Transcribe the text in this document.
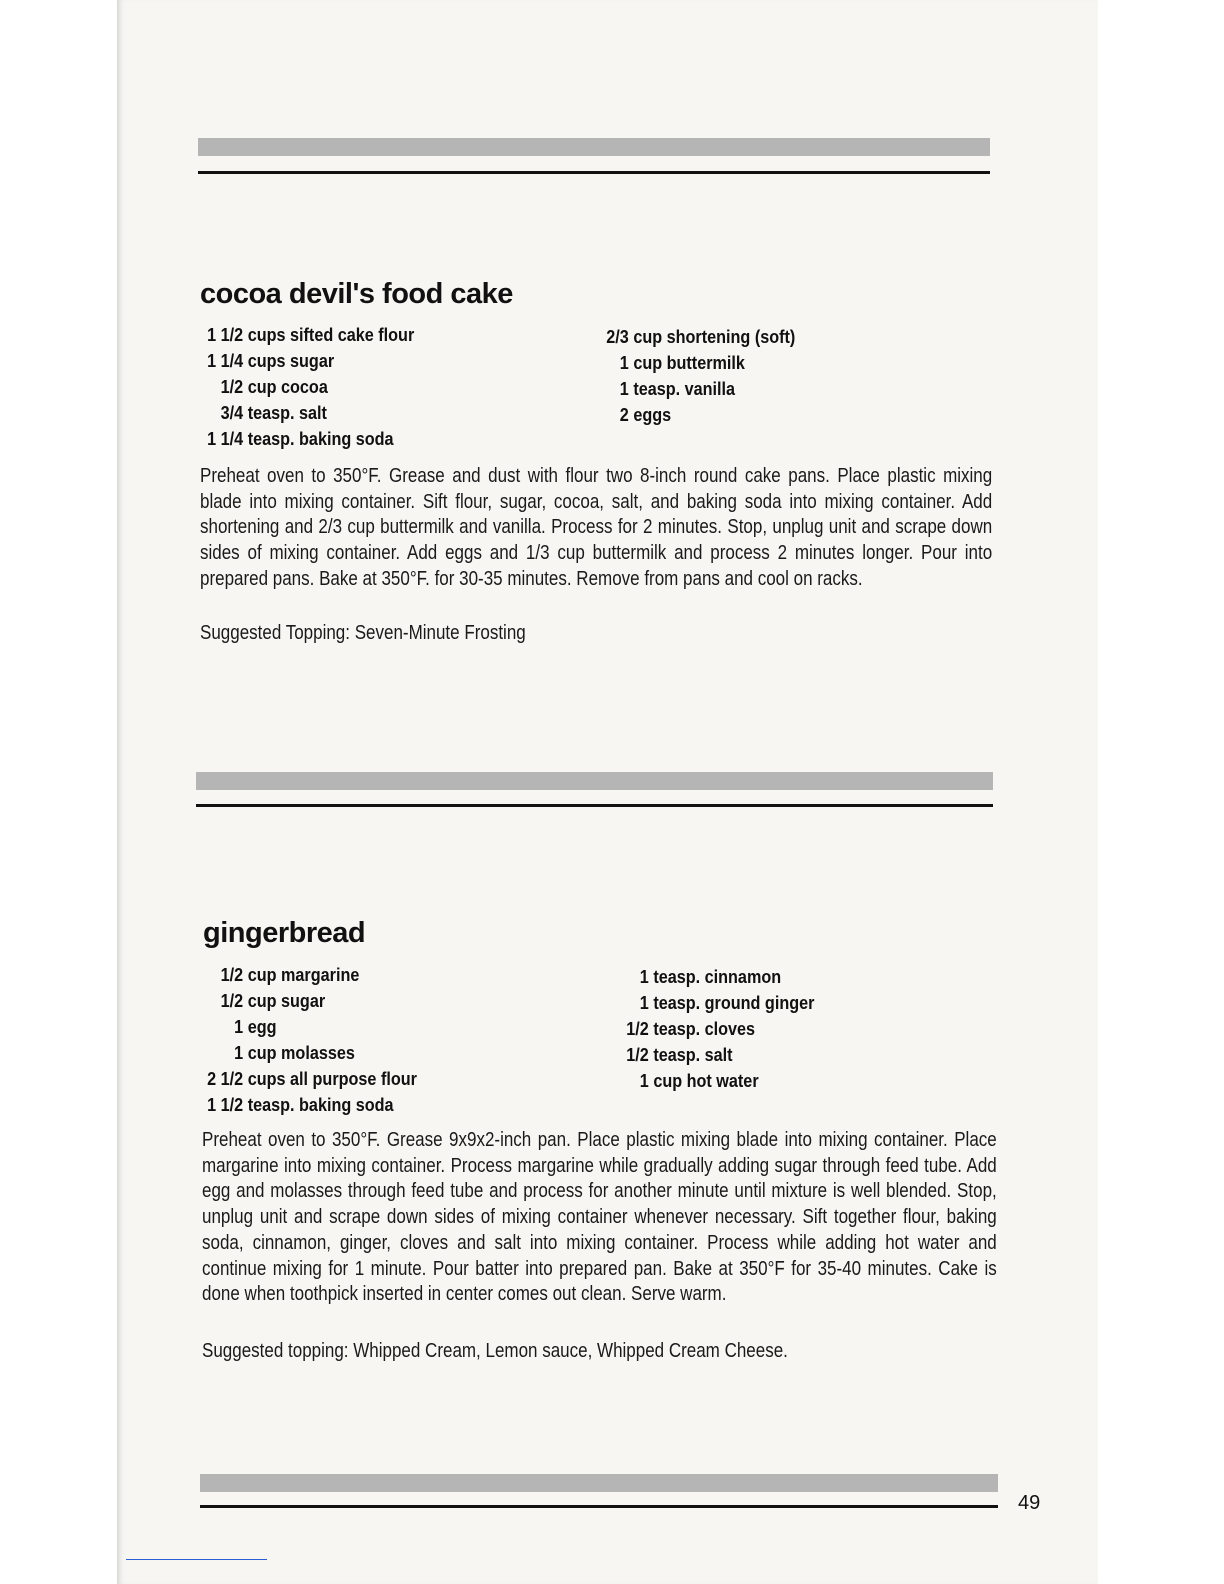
cocoa devil's food cake
1 1/2 cups sifted cake flour
1 1/4 cups sugar
1/2 cup cocoa
3/4 teasp. salt
1 1/4 teasp. baking soda
2/3 cup shortening (soft)
1 cup buttermilk
1 teasp. vanilla
2 eggs

Preheat oven to 350°F. Grease and dust with flour two 8-inch round cake pans. Place plastic mixing blade into mixing container. Sift flour, sugar, cocoa, salt, and baking soda into mixing container. Add shortening and 2/3 cup buttermilk and vanilla. Process for 2 minutes. Stop, unplug unit and scrape down sides of mixing container. Add eggs and 1/3 cup buttermilk and process 2 minutes longer. Pour into prepared pans. Bake at 350°F. for 30-35 minutes. Remove from pans and cool on racks.

Suggested Topping: Seven-Minute Frosting

gingerbread
1/2 cup margarine
1/2 cup sugar
1 egg
1 cup molasses
2 1/2 cups all purpose flour
1 1/2 teasp. baking soda
1 teasp. cinnamon
1 teasp. ground ginger
1/2 teasp. cloves
1/2 teasp. salt
1 cup hot water

Preheat oven to 350°F. Grease 9x9x2-inch pan. Place plastic mixing blade into mixing container. Place margarine into mixing container. Process margarine while gradually adding sugar through feed tube. Add egg and molasses through feed tube and process for another minute until mixture is well blended. Stop, unplug unit and scrape down sides of mixing container whenever necessary. Sift together flour, baking soda, cinnamon, ginger, cloves and salt into mixing container. Process while adding hot water and continue mixing for 1 minute. Pour batter into prepared pan. Bake at 350°F for 35-40 minutes. Cake is done when toothpick inserted in center comes out clean. Serve warm.

Suggested topping: Whipped Cream, Lemon sauce, Whipped Cream Cheese.

49
